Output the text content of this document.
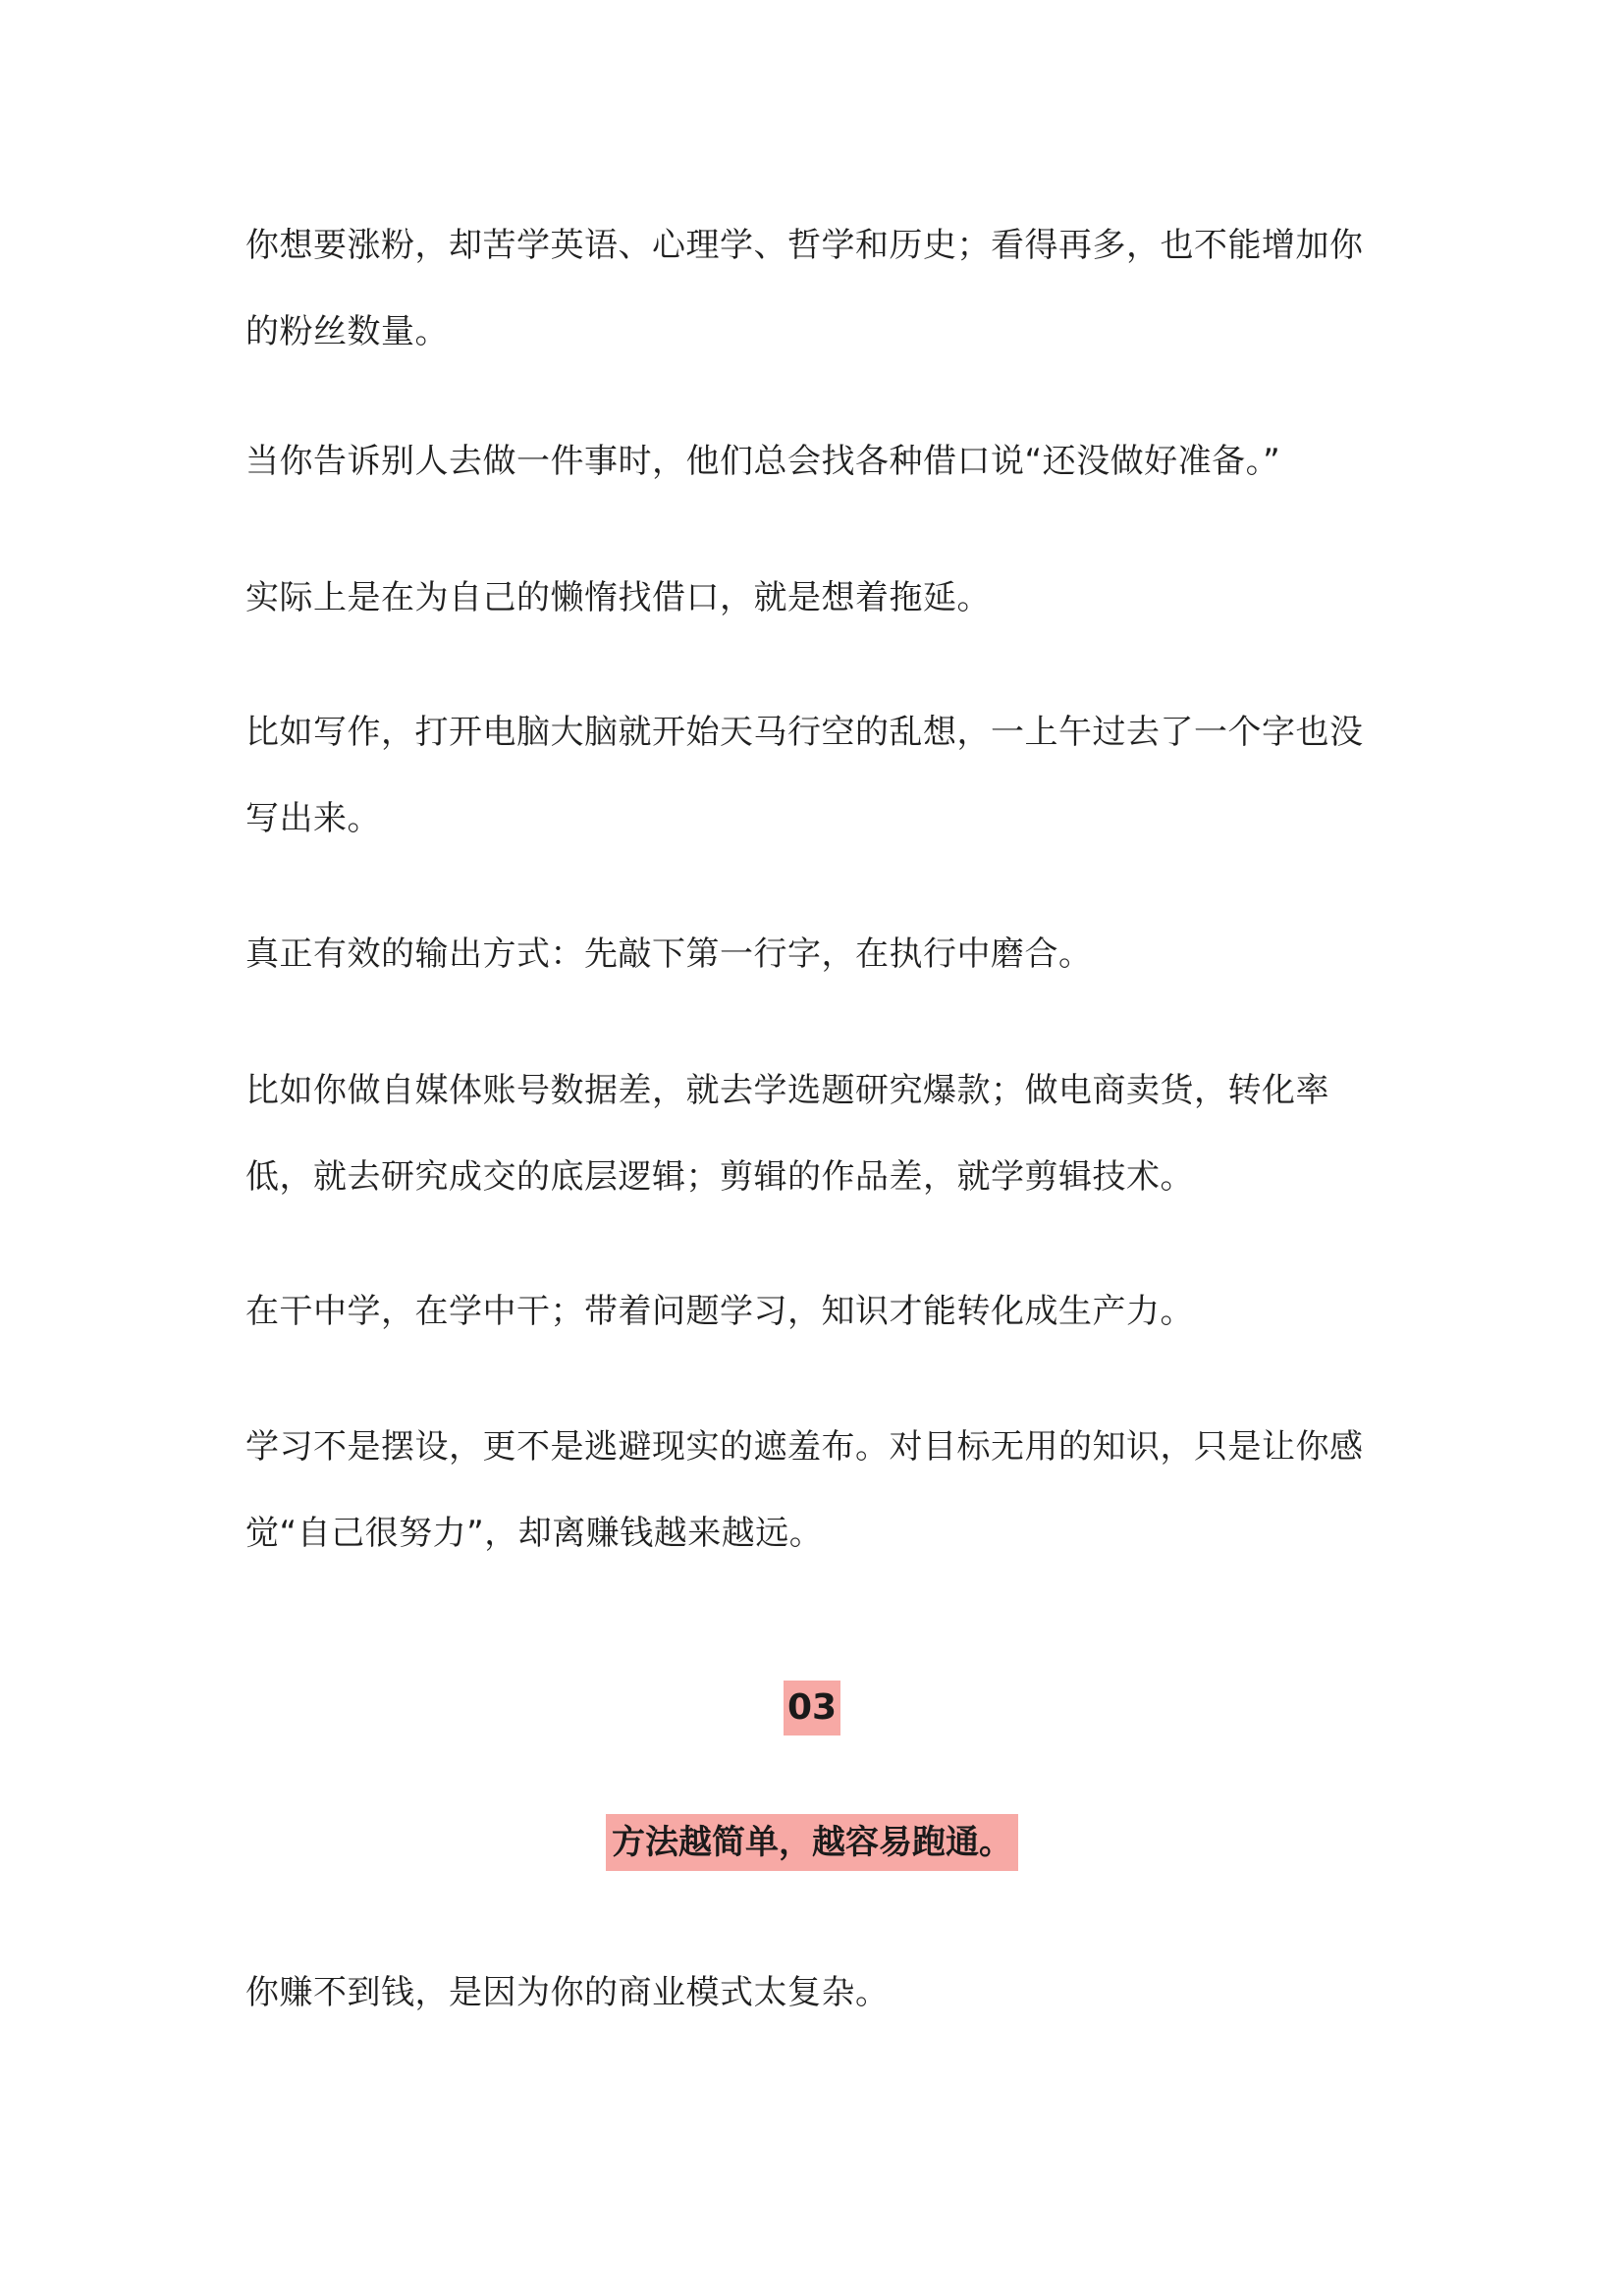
你想要涨粉，却苦学英语、心理学、哲学和历史；看得再多，也不能增加你的粉丝数量。

当你告诉别人去做一件事时，他们总会找各种借口说“还没做好准备。”

实际上是在为自己的懒惰找借口，就是想着拖延。

比如写作，打开电脑大脑就开始天马行空的乱想，一上午过去了一个字也没写出来。

真正有效的输出方式：先敲下第一行字，在执行中磨合。

比如你做自媒体账号数据差，就去学选题研究爆款；做电商卖货，转化率低，就去研究成交的底层逻辑；剪辑的作品差，就学剪辑技术。

在干中学，在学中干；带着问题学习，知识才能转化成生产力。

学习不是摆设，更不是逃避现实的遮羞布。对目标无用的知识，只是让你感觉“自己很努力”，却离赚钱越来越远。

03
方法越简单，越容易跑通。

你赚不到钱，是因为你的商业模式太复杂。
